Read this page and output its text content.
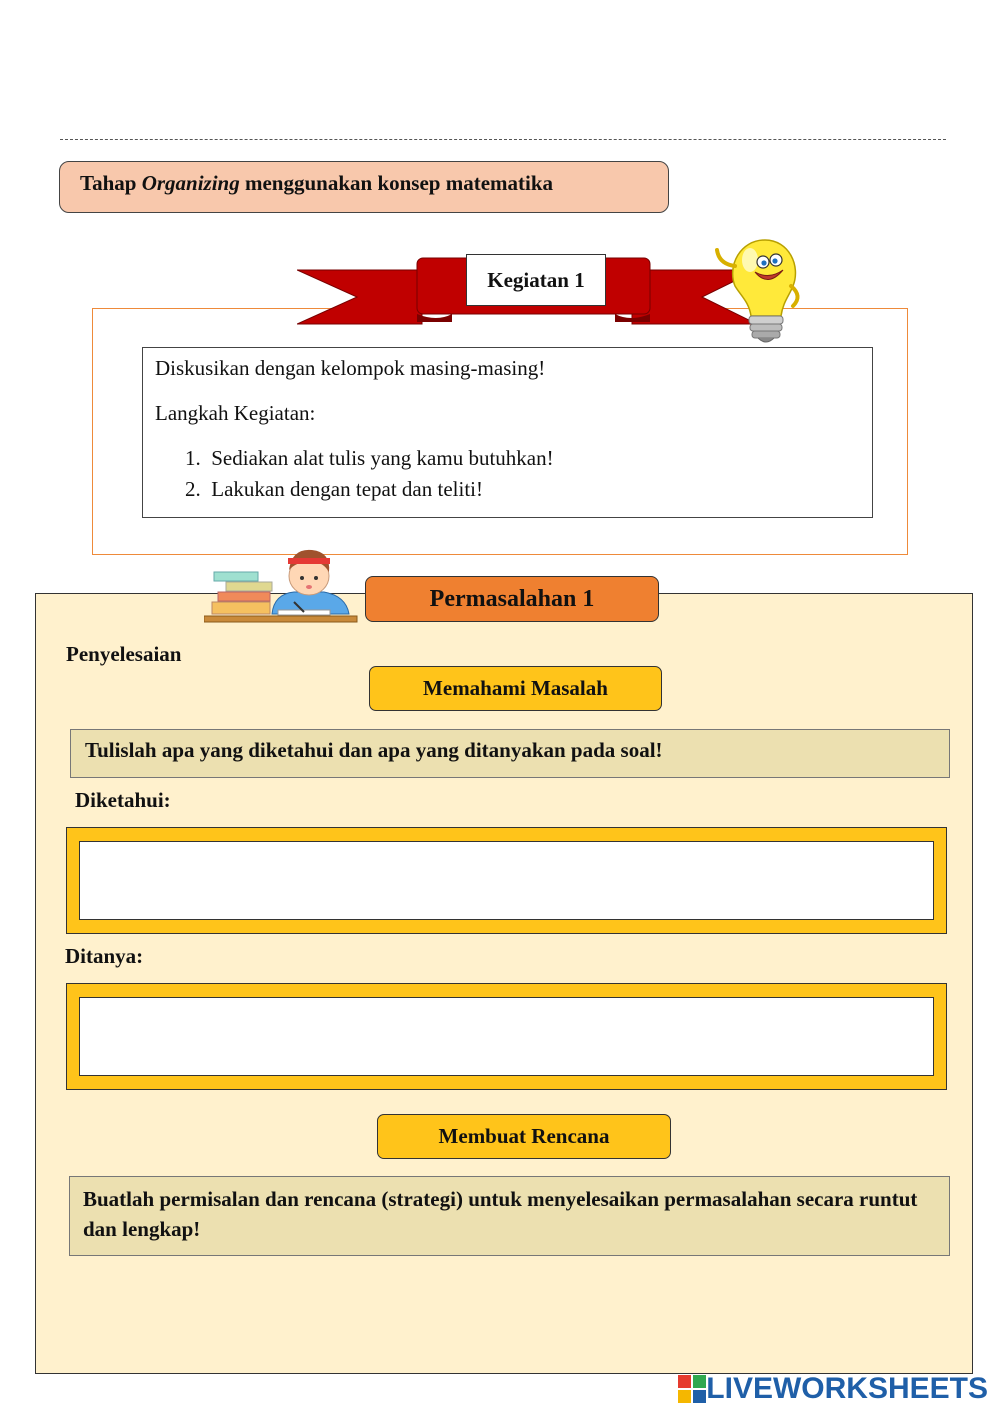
Tahap Organizing menggunakan konsep matematika
Kegiatan 1
Diskusikan dengan kelompok masing-masing!
Langkah Kegiatan:
1. Sediakan alat tulis yang kamu butuhkan!
2. Lakukan dengan tepat dan teliti!
Permasalahan 1
Penyelesaian
Memahami Masalah
Tulislah apa yang diketahui dan apa yang ditanyakan pada soal!
Diketahui:
Ditanya:
Membuat Rencana
Buatlah permisalan dan rencana (strategi) untuk menyelesaikan permasalahan secara runtut dan lengkap!
LIVEWORKSHEETS
